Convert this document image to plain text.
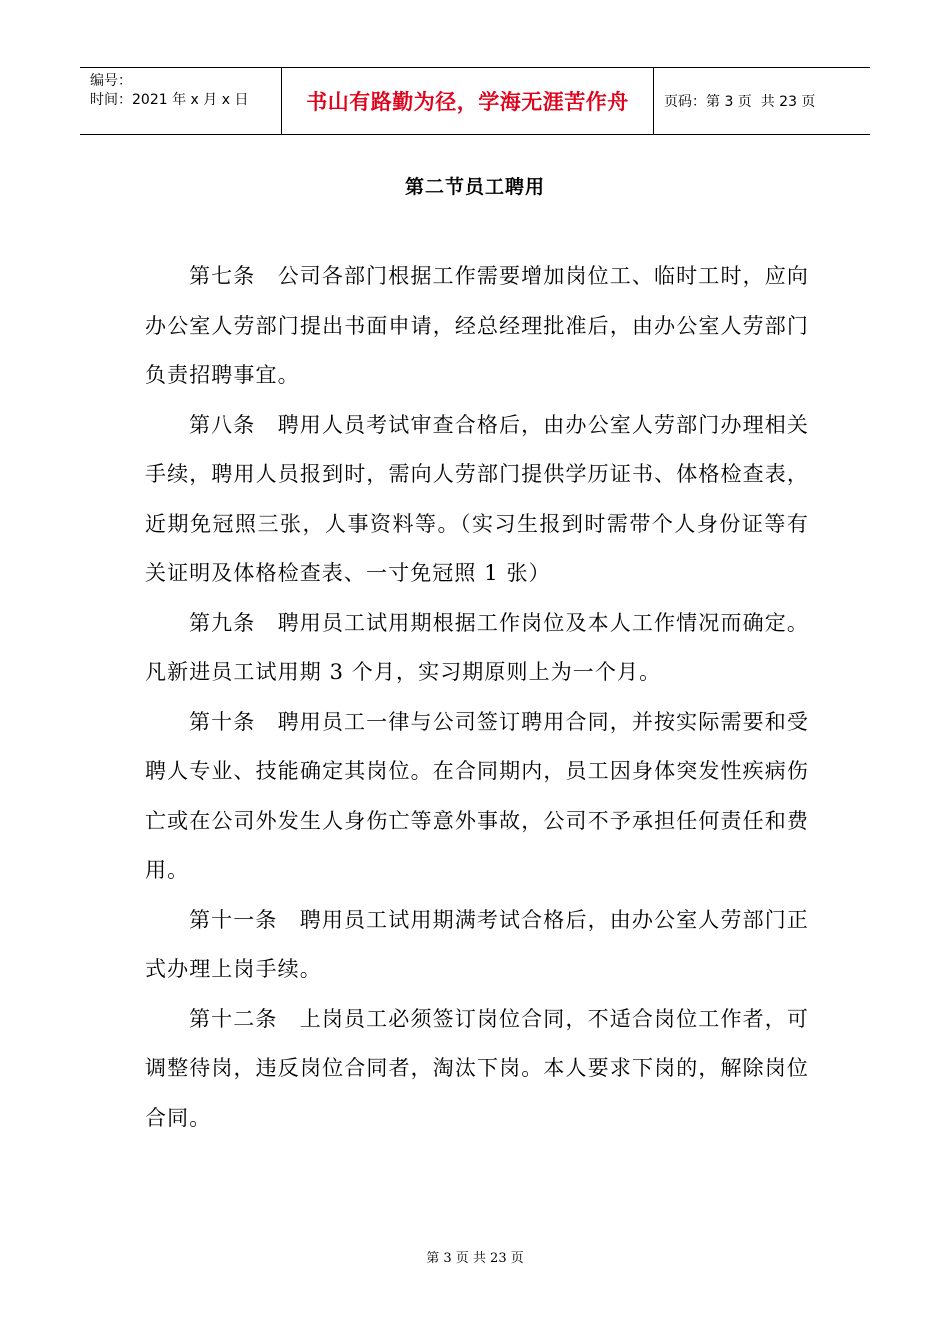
编号：
时间：2021 年 x 月 x 日	书山有路勤为径，学海无涯苦作舟	页码：第 3 页  共 23 页
第二节员工聘用

第七条　公司各部门根据工作需要增加岗位工、临时工时，应向办公室人劳部门提出书面申请，经总经理批准后，由办公室人劳部门负责招聘事宜。

第八条　聘用人员考试审查合格后，由办公室人劳部门办理相关手续，聘用人员报到时，需向人劳部门提供学历证书、体格检查表，近期免冠照三张，人事资料等。（实习生报到时需带个人身份证等有关证明及体格检查表、一寸免冠照 1 张）

第九条　聘用员工试用期根据工作岗位及本人工作情况而确定。凡新进员工试用期 3 个月，实习期原则上为一个月。

第十条　聘用员工一律与公司签订聘用合同，并按实际需要和受聘人专业、技能确定其岗位。在合同期内，员工因身体突发性疾病伤亡或在公司外发生人身伤亡等意外事故，公司不予承担任何责任和费用。

第十一条　聘用员工试用期满考试合格后，由办公室人劳部门正式办理上岗手续。

第十二条　上岗员工必须签订岗位合同，不适合岗位工作者，可调整待岗，违反岗位合同者，淘汰下岗。本人要求下岗的，解除岗位合同。

第 3 页 共 23 页
